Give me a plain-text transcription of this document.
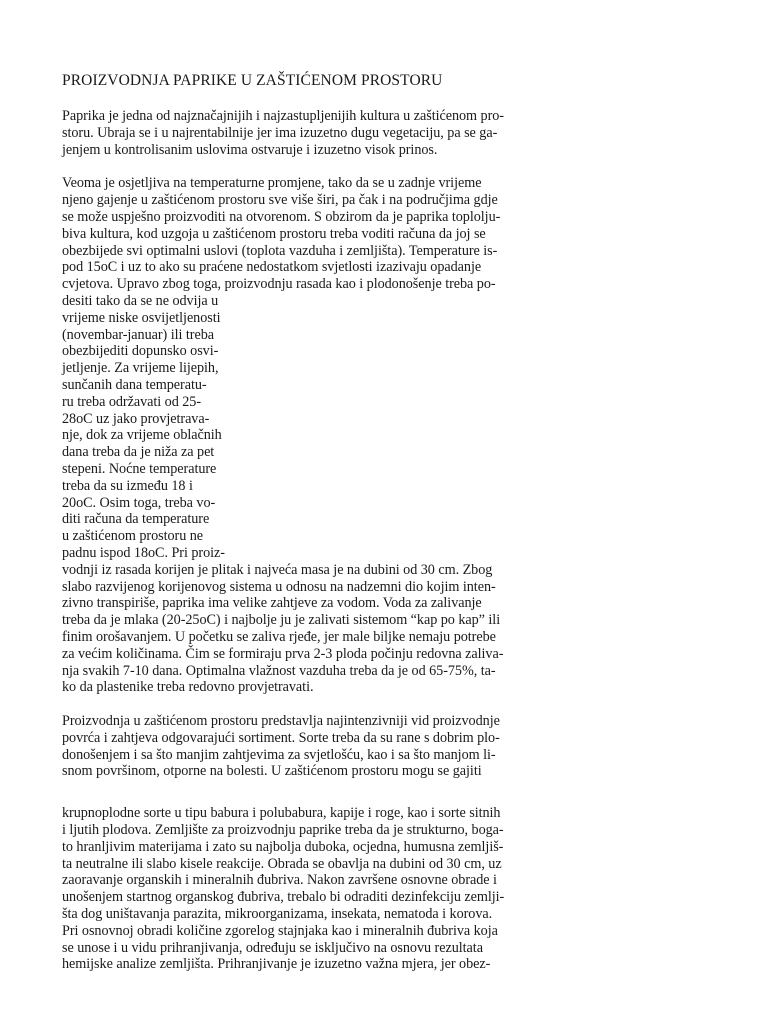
PROIZVODNJA PAPRIKE U ZAŠTIĆENOM PROSTORU
Paprika je jedna od najznačajnijih i najzastupljenijih kultura u zaštićenom pro-
storu. Ubraja se i u najrentabilnije jer ima izuzetno dugu vegetaciju, pa se ga-
jenjem u kontrolisanim uslovima ostvaruje i izuzetno visok prinos.
Veoma je osjetljiva na temperaturne promjene, tako da se u zadnje vrijeme
njeno gajenje u zaštićenom prostoru sve više širi, pa čak i na područjima gdje
se može uspješno proizvoditi na otvorenom. S obzirom da je paprika toplolju-
biva kultura, kod uzgoja u zaštićenom prostoru treba voditi računa da joj se
obezbijede svi optimalni uslovi (toplota vazduha i zemljišta). Temperature is-
pod 15oC i uz to ako su praćene nedostatkom svjetlosti izazivaju opadanje
cvjetova. Upravo zbog toga, proizvodnju rasada kao i plodonošenje treba po-
desiti tako da se ne odvija u
vrijeme niske osvijetljenosti
(novembar-januar) ili treba
obezbijediti dopunsko osvi-
jetljenje. Za vrijeme lijepih,
sunčanih dana temperatu-
ru treba održavati od 25-
28oC uz jako provjetrava-
nje, dok za vrijeme oblačnih
dana treba da je niža za pet
stepeni. Noćne temperature
treba da su između 18 i
20oC. Osim toga, treba vo-
diti računa da temperature
u zaštićenom prostoru ne
padnu ispod 18oC. Pri proiz-
vodnji iz rasada korijen je plitak i najveća masa je na dubini od 30 cm. Zbog
slabo razvijenog korijenovog sistema u odnosu na nadzemni dio kojim inten-
zivno transpiriše, paprika ima velike zahtjeve za vodom. Voda za zalivanje
treba da je mlaka (20-25oC) i najbolje ju je zalivati sistemom “kap po kap” ili
finim orošavanjem. U početku se zaliva rjeđe, jer male biljke nemaju potrebe
za većim količinama. Čim se formiraju prva 2-3 ploda počinju redovna zaliva-
nja svakih 7-10 dana. Optimalna vlažnost vazduha treba da je od 65-75%, ta-
ko da plastenike treba redovno provjetravati.
Proizvodnja u zaštićenom prostoru predstavlja najintenzivniji vid proizvodnje
povrća i zahtjeva odgovarajući sortiment. Sorte treba da su rane s dobrim plo-
donošenjem i sa što manjim zahtjevima za svjetlošću, kao i sa što manjom li-
snom površinom, otporne na bolesti. U zaštićenom prostoru mogu se gajiti
krupnoplodne sorte u tipu babura i polubabura, kapije i roge, kao i sorte sitnih
i ljutih plodova. Zemljište za proizvodnju paprike treba da je strukturno, boga-
to hranljivim materijama i zato su najbolja duboka, ocjedna, humusna zemljiš-
ta neutralne ili slabo kisele reakcije. Obrada se obavlja na dubini od 30 cm, uz
zaoravanje organskih i mineralnih đubriva. Nakon završene osnovne obrade i
unošenjem startnog organskog đubriva, trebalo bi odraditi dezinfekciju zemlji-
šta dog uništavanja parazita, mikroorganizama, insekata, nematoda i korova.
Pri osnovnoj obradi količine zgorelog stajnjaka kao i mineralnih đubriva koja
se unose i u vidu prihranjivanja, određuju se isključivo na osnovu rezultata
hemijske analize zemljišta. Prihranjivanje je izuzetno važna mjera, jer obez-
